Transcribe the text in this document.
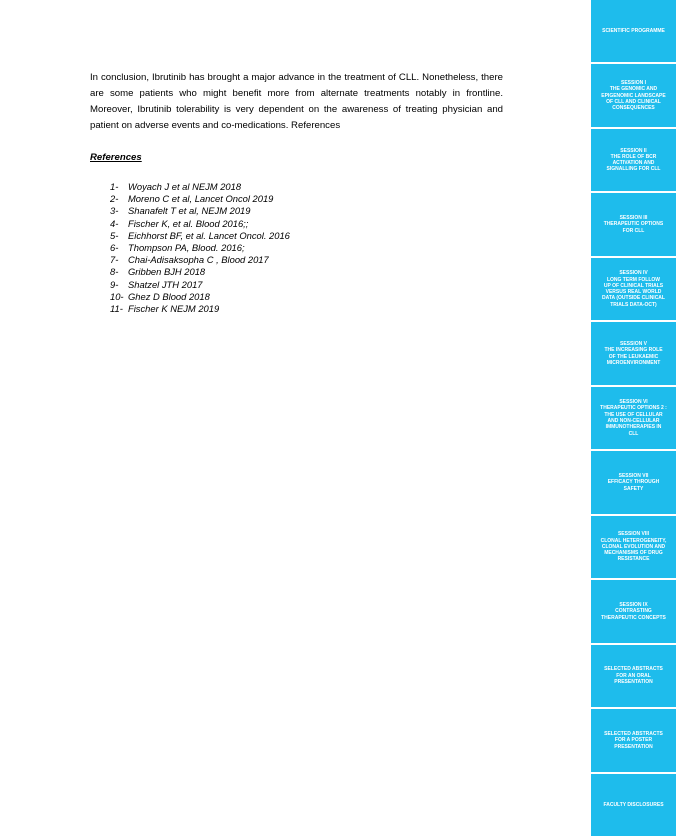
In conclusion, Ibrutinib has brought a major advance in the treatment of CLL. Nonetheless, there are some patients who might benefit more from alternate treatments notably in frontline. Moreover, Ibrutinib tolerability is very dependent on the awareness of treating physician and patient on adverse events and co-medications. References

References
1-	Woyach J et al NEJM 2018
2-	Moreno C et al, Lancet Oncol 2019
3-	Shanafelt T et al, NEJM 2019
4-	Fischer K, et al. Blood 2016;;
5-	Eichhorst BF, et al. Lancet Oncol. 2016
6-	Thompson PA, Blood. 2016;
7-	Chai-Adisaksopha C , Blood 2017
8-	Gribben BJH 2018
9-	Shatzel JTH 2017
10- Ghez D Blood 2018
11- Fischer K NEJM 2019
SCIENTIFIC PROGRAMME
SESSION I
THE GENOMIC AND
EPIGENOMIC LANDSCAPE
OF CLL AND CLINICAL
CONSEQUENCES
SESSION II
THE ROLE OF BCR
ACTIVATION AND
SIGNALLING FOR CLL
SESSION III
THERAPEUTIC OPTIONS
FOR CLL
SESSION IV
LONG TERM FOLLOW
UP OF CLINICAL TRIALS
VERSUS REAL WORLD
DATA (OUTSIDE CLINICAL
TRIALS DATA-OCT)
SESSION V
THE INCREASING ROLE
OF THE LEUKAEMIC
MICROENVIRONMENT
SESSION VI
THERAPEUTIC OPTIONS 2 :
THE USE OF CELLULAR
AND NON-CELLULAR
IMMUNOTHERAPIES IN
CLL
SESSION VII
EFFICACY THROUGH
SAFETY
SESSION VIII
CLONAL HETEROGENEITY,
CLONAL EVOLUTION AND
MECHANISMS OF DRUG
RESISTANCE
SESSION IX
CONTRASTING
THERAPEUTIC CONCEPTS
SELECTED ABSTRACTS
FOR AN ORAL
PRESENTATION
SELECTED ABSTRACTS
FOR A POSTER
PRESENTATION
FACULTY DISCLOSURES
